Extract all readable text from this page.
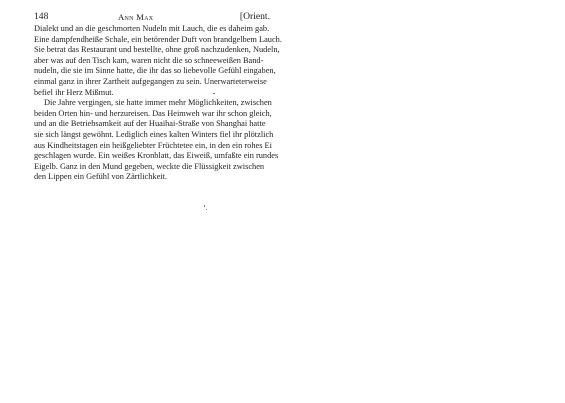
148	Ann Max	[Orient.

Dialekt und an die geschmorten Nudeln mit Lauch, die es daheim gab.
Eine dampfendheiße Schale, ein betörender Duft von brandgelbem Lauch.
Sie betrat das Restaurant und bestellte, ohne groß nachzudenken, Nudeln,
aber was auf den Tisch kam, waren nicht die so schneeweißen Band-
nudeln, die sie im Sinne hatte, die ihr das so liebevolle Gefühl eingaben,
einmal ganz in ihrer Zartheit aufgegangen zu sein. Unerwarteterweise
befiel ihr Herz Mißmut.

Die Jahre vergingen, sie hatte immer mehr Möglichkeiten, zwischen
beiden Orten hin- und herzureisen. Das Heimweh war ihr schon gleich,
und an die Betriebsamkeit auf der Huaihai-Straße von Shanghai hatte
sie sich längst gewöhnt. Lediglich eines kalten Winters fiel ihr plötzlich
aus Kindheitstagen ein heißgeliebter Früchtetee ein, in den ein rohes Ei
geschlagen wurde. Ein weißes Kronblatt, das Eiweiß, umfaßte ein rundes
Eigelb. Ganz in den Mund gegeben, weckte die Flüssigkeit zwischen
den Lippen ein Gefühl von Zärtlichkeit.
